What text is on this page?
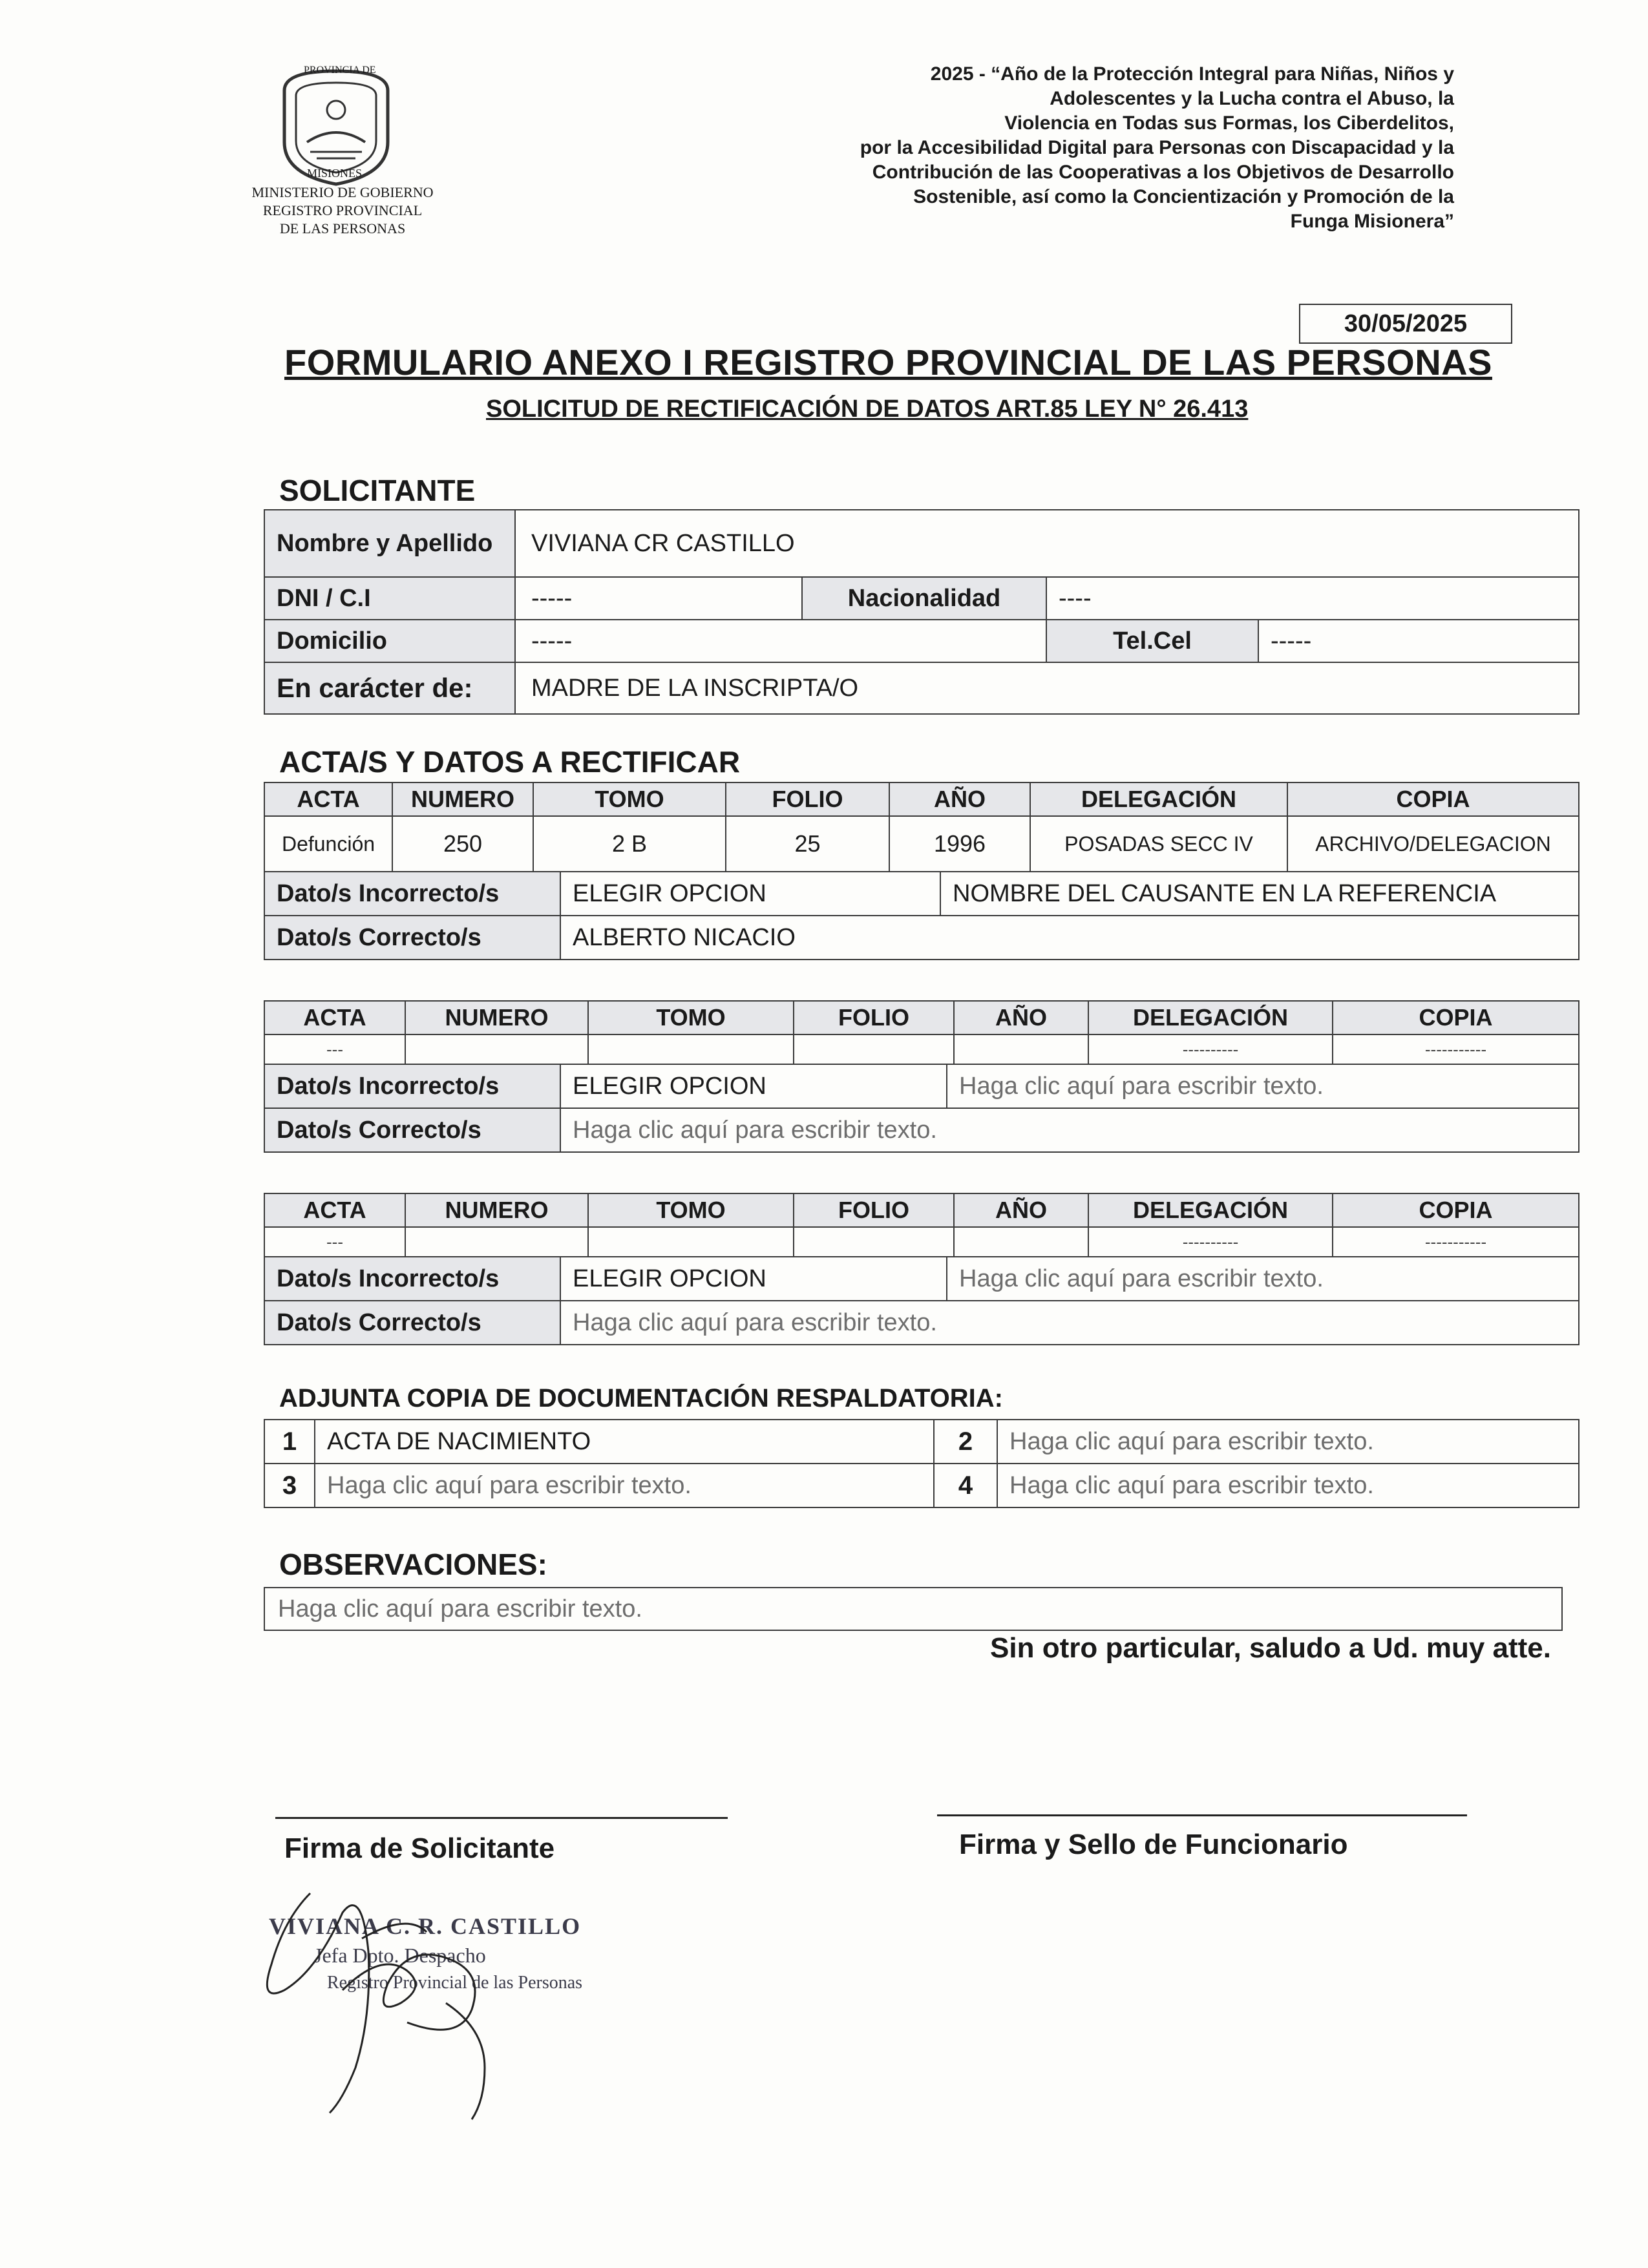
PROVINCIA DE
MISIONES
MINISTERIO DE GOBIERNO
REGISTRO PROVINCIAL
DE LAS PERSONAS
2025 - “Año de la Protección Integral para Niñas, Niños y
Adolescentes y la Lucha contra el Abuso, la
Violencia en Todas sus Formas, los Ciberdelitos,
por la Accesibilidad Digital para Personas con Discapacidad y la
Contribución de las Cooperativas a los Objetivos de Desarrollo
Sostenible, así como la Concientización y Promoción de la
Funga Misionera”
30/05/2025
FORMULARIO ANEXO I REGISTRO PROVINCIAL DE LAS PERSONAS
SOLICITUD DE RECTIFICACIÓN DE DATOS ART.85 LEY N° 26.413
SOLICITANTE
Nombre y Apellido	VIVIANA CR CASTILLO			
DNI / C.I	-----	Nacionalidad	----	
Domicilio	-----		Tel.Cel	-----
En carácter de:	MADRE DE LA INSCRIPTA/O			
ACTA/S Y DATOS A RECTIFICAR
ACTA	NUMERO	TOMO	FOLIO	AÑO	DELEGACIÓN	COPIA
Defunción	250	2 B	25	1996	POSADAS SECC IV	ARCHIVO/DELEGACION
Dato/s Incorrecto/s	ELEGIR OPCION	NOMBRE DEL CAUSANTE EN LA REFERENCIA
Dato/s Correcto/s	ALBERTO NICACIO	
ACTA	NUMERO	TOMO	FOLIO	AÑO	DELEGACIÓN	COPIA
---					----------	-----------
Dato/s Incorrecto/s	ELEGIR OPCION	Haga clic aquí para escribir texto.
Dato/s Correcto/s	Haga clic aquí para escribir texto.	
ACTA	NUMERO	TOMO	FOLIO	AÑO	DELEGACIÓN	COPIA
---					----------	-----------
Dato/s Incorrecto/s	ELEGIR OPCION	Haga clic aquí para escribir texto.
Dato/s Correcto/s	Haga clic aquí para escribir texto.	
ADJUNTA COPIA DE DOCUMENTACIÓN RESPALDATORIA:
1	ACTA DE NACIMIENTO	2	Haga clic aquí para escribir texto.
3	Haga clic aquí para escribir texto.	4	Haga clic aquí para escribir texto.
OBSERVACIONES:
Haga clic aquí para escribir texto.
Sin otro particular, saludo a Ud. muy atte.
Firma de Solicitante	Firma y Sello de Funcionario
VIVIANA C. R. CASTILLO
Jefa Dpto. Despacho
Registro Provincial de las Personas
